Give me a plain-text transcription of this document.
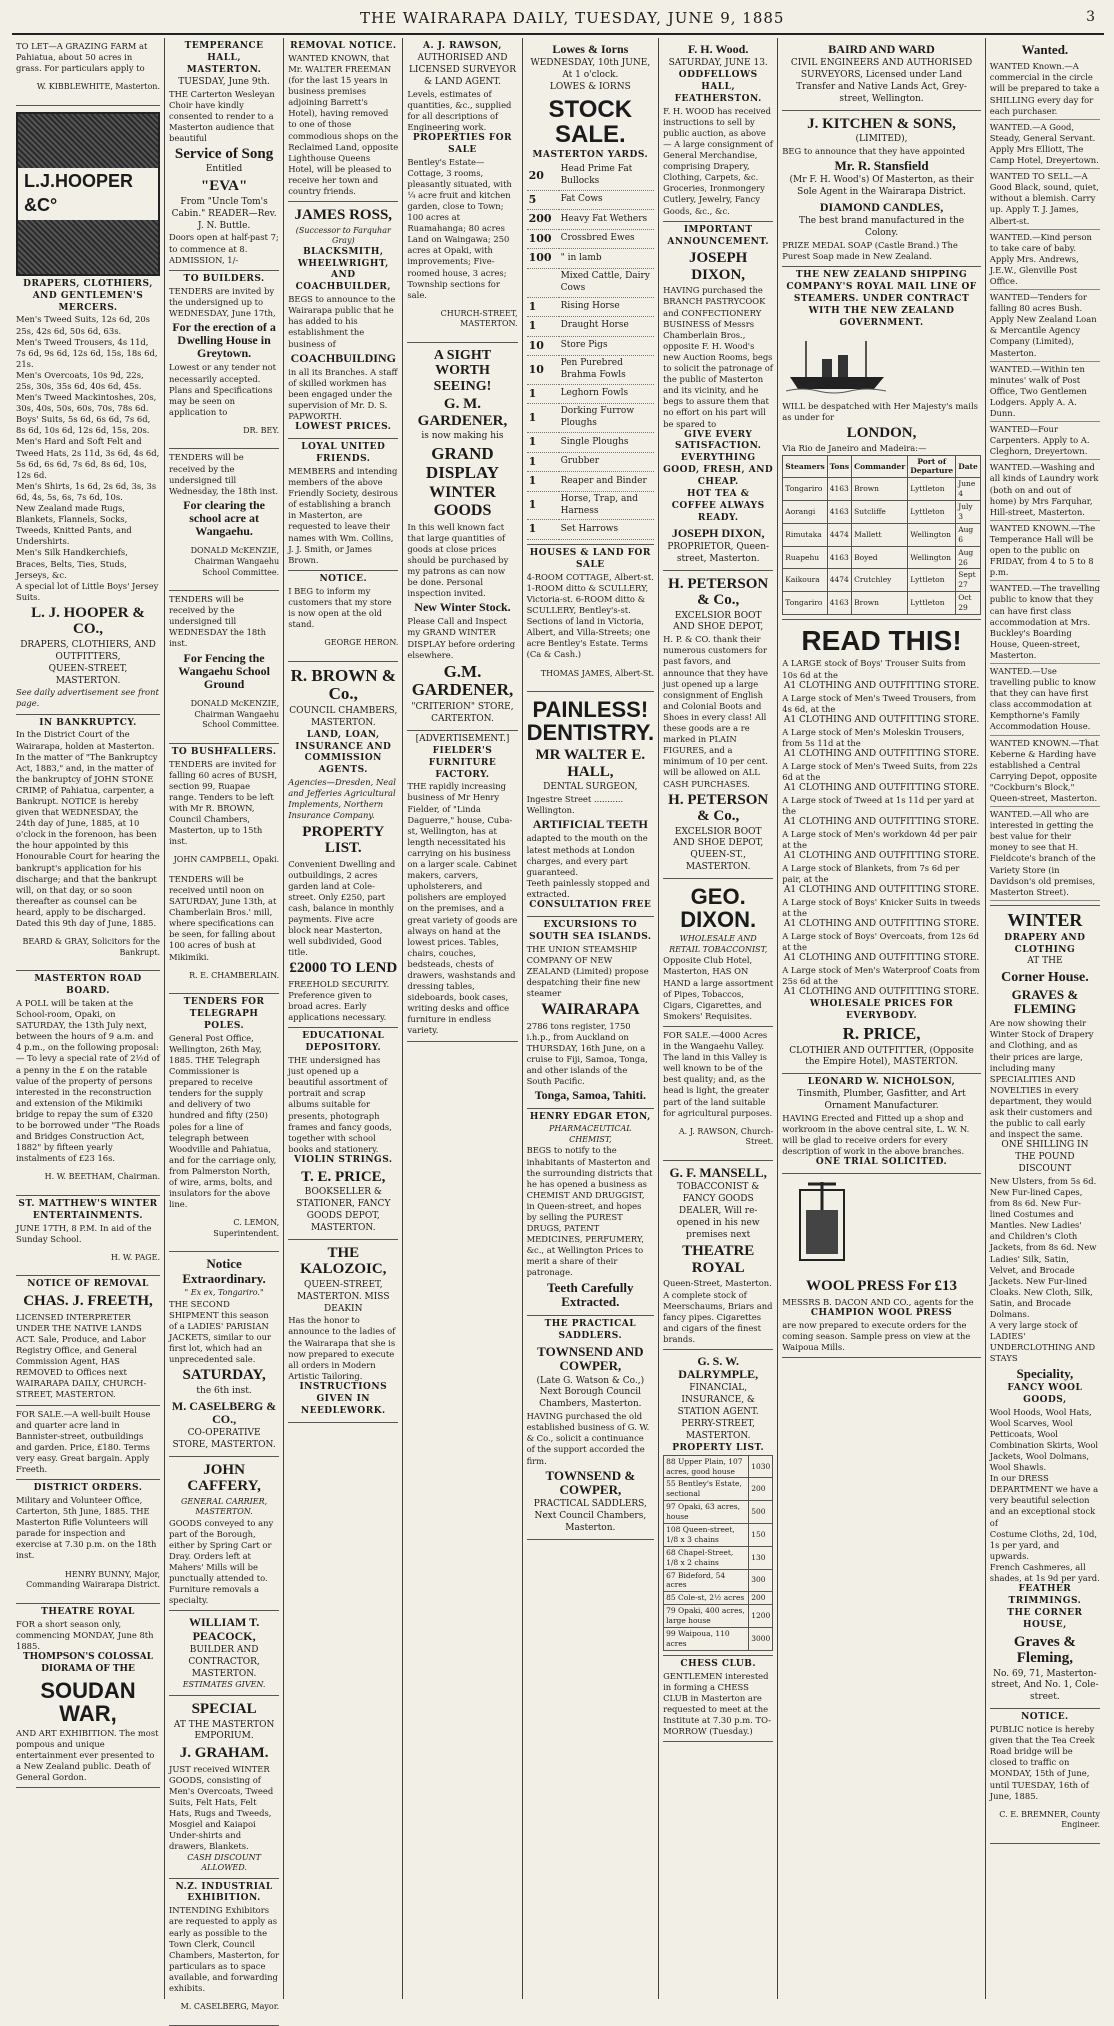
THE WAIRARAPA DAILY, TUESDAY, JUNE 9, 1885	3

TO LET—A GRAZING FARM at Pahiatua, about 50 acres in grass. For particulars apply to

W. KIBBLEWHITE, Masterton.

L.J.HOOPER &C°
DRAPERS, CLOTHIERS, AND GENTLEMEN'S MERCERS.

Men's Tweed Suits, 12s 6d, 20s 25s, 42s 6d, 50s 6d, 63s.

Men's Tweed Trousers, 4s 11d, 7s 6d, 9s 6d, 12s 6d, 15s, 18s 6d, 21s.

Men's Overcoats, 10s 9d, 22s, 25s, 30s, 35s 6d, 40s 6d, 45s.

Men's Tweed Mackintoshes, 20s, 30s, 40s, 50s, 60s, 70s, 78s 6d.

Boys' Suits, 5s 6d, 6s 6d, 7s 6d, 8s 6d, 10s 6d, 12s 6d, 15s, 20s.

Men's Hard and Soft Felt and Tweed Hats, 2s 11d, 3s 6d, 4s 6d, 5s 6d, 6s 6d, 7s 6d, 8s 6d, 10s, 12s 6d.

Men's Shirts, 1s 6d, 2s 6d, 3s, 3s 6d, 4s, 5s, 6s, 7s 6d, 10s.

New Zealand made Rugs, Blankets, Flannels, Socks, Tweeds, Knitted Pants, and Undershirts.

Men's Silk Handkerchiefs, Braces, Belts, Ties, Studs, Jerseys, &c.

A special lot of Little Boys' Jersey Suits.

L. J. HOOPER & CO.,
DRAPERS, CLOTHIERS, AND OUTFITTERS,
QUEEN-STREET, MASTERTON.

See daily advertisement see front page.

IN BANKRUPTCY.

In the District Court of the Wairarapa, holden at Masterton. In the matter of "The Bankruptcy Act, 1883," and, in the matter of the bankruptcy of JOHN STONE CRIMP, of Pahiatua, carpenter, a Bankrupt. NOTICE is hereby given that WEDNESDAY, the 24th day of June, 1885, at 10 o'clock in the forenoon, has been the hour appointed by this Honourable Court for hearing the bankrupt's application for his discharge; and that the bankrupt will, on that day, or so soon thereafter as counsel can be heard, apply to be discharged. Dated this 9th day of June, 1885.

BEARD & GRAY, Solicitors for the Bankrupt.

MASTERTON ROAD BOARD.

A POLL will be taken at the School-room, Opaki, on SATURDAY, the 13th July next, between the hours of 9 a.m. and 4 p.m., on the following proposal:— To levy a special rate of 2½d of a penny in the £ on the ratable value of the property of persons interested in the reconstruction and extension of the Mikimiki bridge to repay the sum of £320 to be borrowed under "The Roads and Bridges Construction Act, 1882" by fifteen yearly instalments of £23 16s.

H. W. BEETHAM, Chairman.

ST. MATTHEW'S WINTER ENTERTAINMENTS.

JUNE 17TH, 8 P.M. In aid of the Sunday School.

H. W. PAGE.

NOTICE OF REMOVAL
CHAS. J. FREETH,

LICENSED INTERPRETER UNDER THE NATIVE LANDS ACT. Sale, Produce, and Labor Registry Office, and General Commission Agent, HAS REMOVED to Offices next WAIRARAPA DAILY, CHURCH-STREET, MASTERTON.

FOR SALE.—A well-built House and quarter acre land in Bannister-street, outbuildings and garden. Price, £180. Terms very easy. Great bargain. Apply Freeth.

DISTRICT ORDERS.

Military and Volunteer Office, Carterton, 5th June, 1885. THE Masterton Rifle Volunteers will parade for inspection and exercise at 7.30 p.m. on the 18th inst.

HENRY BUNNY, Major, Commanding Wairarapa District.

THEATRE ROYAL

FOR a short season only, commencing MONDAY, June 8th 1885.

THOMPSON'S COLOSSAL DIORAMA OF THE
SOUDAN WAR,

AND ART EXHIBITION. The most pompous and unique entertainment ever presented to a New Zealand public. Death of General Gordon.

TEMPERANCE HALL, MASTERTON.
TUESDAY, June 9th.

THE Carterton Wesleyan Choir have kindly consented to render to a Masterton audience that beautiful

Service of Song
Entitled
"EVA"
From "Uncle Tom's Cabin." READER—Rev. J. N. Buttle.

Doors open at half-past 7; to commence at 8. ADMISSION, 1/-

TO BUILDERS.

TENDERS are invited by the undersigned up to WEDNESDAY, June 17th,

For the erection of a Dwelling House in Greytown.

Lowest or any tender not necessarily accepted. Plans and Specifications may be seen on application to

DR. BEY.

TENDERS will be received by the undersigned till Wednesday, the 18th inst.

For clearing the school acre at Wangaehu.

DONALD McKENZIE, Chairman Wangaehu School Committee.

TENDERS will be received by the undersigned till WEDNESDAY the 18th inst.

For Fencing the Wangaehu School Ground

DONALD McKENZIE, Chairman Wangaehu School Committee.

TO BUSHFALLERS.

TENDERS are invited for falling 60 acres of BUSH, section 99, Ruapae range. Tenders to be left with Mr R. BROWN, Council Chambers, Masterton, up to 15th inst.

JOHN CAMPBELL, Opaki.

TENDERS will be received until noon on SATURDAY, June 13th, at Chamberlain Bros.' mill, where specifications can be seen, for falling about 100 acres of bush at Mikimiki.

R. E. CHAMBERLAIN.

TENDERS FOR TELEGRAPH POLES.

General Post Office, Wellington, 26th May, 1885. THE Telegraph Commissioner is prepared to receive tenders for the supply and delivery of two hundred and fifty (250) poles for a line of telegraph between Woodville and Pahiatua, and for the carriage only, from Palmerston North, of wire, arms, bolts, and insulators for the above line.

C. LEMON, Superintendent.

Notice Extraordinary.
" Ex ex, Tongariro."

THE SECOND SHIPMENT this season of a LADIES' PARISIAN JACKETS, similar to our first lot, which had an unprecedented sale.

SATURDAY,
the 6th inst.
M. CASELBERG & CO.,
CO-OPERATIVE STORE, MASTERTON.
JOHN CAFFERY,
GENERAL CARRIER, MASTERTON.

GOODS conveyed to any part of the Borough, either by Spring Cart or Dray. Orders left at Mahers' Mills will be punctually attended to. Furniture removals a specialty.

WILLIAM T. PEACOCK,
BUILDER AND CONTRACTOR, MASTERTON.
ESTIMATES GIVEN.
SPECIAL
AT THE MASTERTON EMPORIUM.
J. GRAHAM.

JUST received WINTER GOODS, consisting of Men's Overcoats, Tweed Suits, Felt Hats, Felt Hats, Rugs and Tweeds, Mosgiel and Kaiapoi Under-shirts and drawers, Blankets.

CASH DISCOUNT ALLOWED.
N.Z. INDUSTRIAL EXHIBITION.

INTENDING Exhibitors are requested to apply as early as possible to the Town Clerk, Council Chambers, Masterton, for particulars as to space available, and forwarding exhibits.

M. CASELBERG, Mayor.

REMOVAL NOTICE.

WANTED KNOWN, that Mr. WALTER FREEMAN (for the last 15 years in business premises adjoining Barrett's Hotel), having removed to one of those commodious shops on the Reclaimed Land, opposite Lighthouse Queens Hotel, will be pleased to receive her town and country friends.

JAMES ROSS,
(Successor to Farquhar Gray)
BLACKSMITH, WHEELWRIGHT, AND COACHBUILDER,

BEGS to announce to the Wairarapa public that he has added to his establishment the business of

COACHBUILDING

in all its Branches. A staff of skilled workmen has been engaged under the supervision of Mr. D. S. PAPWORTH.

LOWEST PRICES.
LOYAL UNITED FRIENDS.

MEMBERS and intending members of the above Friendly Society, desirous of establishing a branch in Masterton, are requested to leave their names with Wm. Collins, J. J. Smith, or James Brown.

NOTICE.

I BEG to inform my customers that my store is now open at the old stand.

GEORGE HERON.

R. BROWN & Co.,
COUNCIL CHAMBERS, MASTERTON.
LAND, LOAN, INSURANCE AND COMMISSION AGENTS.

Agencies—Dresden, Neal and Jefferies Agricultural Implements, Northern Insurance Company.

PROPERTY LIST.

Convenient Dwelling and outbuildings, 2 acres garden land at Cole-street. Only £250, part cash, balance in monthly payments. Five acre block near Masterton, well subdivided, Good title.

£2000 TO LEND

FREEHOLD SECURITY. Preference given to broad acres. Early applications necessary.

EDUCATIONAL DEPOSITORY.

THE undersigned has just opened up a beautiful assortment of portrait and scrap albums suitable for presents, photograph frames and fancy goods, together with school books and stationery.

VIOLIN STRINGS.
T. E. PRICE,
BOOKSELLER & STATIONER, FANCY GOODS DEPOT, MASTERTON.
THE KALOZOIC,
QUEEN-STREET, MASTERTON. MISS DEAKIN

Has the honor to announce to the ladies of the Wairarapa that she is now prepared to execute all orders in Modern Artistic Tailoring.

INSTRUCTIONS GIVEN IN NEEDLEWORK.
A. J. RAWSON,
AUTHORISED AND LICENSED SURVEYOR & LAND AGENT.

Levels, estimates of quantities, &c., supplied for all descriptions of Engineering work.

PROPERTIES FOR SALE

Bentley's Estate—Cottage, 3 rooms, pleasantly situated, with ¼ acre fruit and kitchen garden, close to Town; 100 acres at Ruamahanga; 80 acres Land on Waingawa; 250 acres at Opaki, with improvements; Five-roomed house, 3 acres; Township sections for sale.

CHURCH-STREET, MASTERTON.

A SIGHT WORTH SEEING!
G. M. GARDENER,
is now making his
GRAND DISPLAY
WINTER GOODS

In this well known fact that large quantities of goods at close prices should be purchased by my patrons as can now be done. Personal inspection invited.

New Winter Stock.

Please Call and Inspect my GRAND WINTER DISPLAY before ordering elsewhere.

G.M. GARDENER,
"CRITERION" STORE, CARTERTON.
[ADVERTISEMENT.]
FIELDER'S FURNITURE FACTORY.

THE rapidly increasing business of Mr Henry Fielder, of "Linda Daguerre," house, Cuba-st, Wellington, has at length necessitated his carrying on his business on a larger scale. Cabinet makers, carvers, upholsterers, and polishers are employed on the premises, and a great variety of goods are always on hand at the lowest prices. Tables, chairs, couches, bedsteads, chests of drawers, washstands and dressing tables, sideboards, book cases, writing desks and office furniture in endless variety.

Lowes & Iorns
WEDNESDAY, 10th JUNE, At 1 o'clock.
LOWES & IORNS
STOCK SALE.
MASTERTON YARDS.
20	Head Prime Fat Bullocks
5	Fat Cows
200	Heavy Fat Wethers
100	Crossbred Ewes
100	" in lamb
	Mixed Cattle, Dairy Cows
1	Rising Horse
1	Draught Horse
10	Store Pigs
10	Pen Purebred Brahma Fowls
1	Leghorn Fowls
1	Dorking Furrow Ploughs
1	Single Ploughs
1	Grubber
1	Reaper and Binder
1	Horse, Trap, and Harness
1	Set Harrows
HOUSES & LAND FOR SALE

4-ROOM COTTAGE, Albert-st. 1-ROOM ditto & SCULLERY, Victoria-st. 6-ROOM ditto & SCULLERY, Bentley's-st. Sections of land in Victoria, Albert, and Villa-Streets; one acre Bentley's Estate. Terms (Ca & Cash.)

THOMAS JAMES, Albert-St.

PAINLESS! DENTISTRY.
MR WALTER E. HALL,
DENTAL SURGEON,

Ingestre Street ........... Wellington.

ARTIFICIAL TEETH

adapted to the mouth on the latest methods at London charges, and every part guaranteed.

Teeth painlessly stopped and extracted.

CONSULTATION FREE
EXCURSIONS TO SOUTH SEA ISLANDS.

THE UNION STEAMSHIP COMPANY OF NEW ZEALAND (Limited) propose despatching their fine new steamer

WAIRARAPA

2786 tons register, 1750 i.h.p., from Auckland on THURSDAY, 16th June, on a cruise to Fiji, Samoa, Tonga, and other islands of the South Pacific.

Tonga, Samoa, Tahiti.
HENRY EDGAR ETON,
PHARMACEUTICAL CHEMIST,

BEGS to notify to the inhabitants of Masterton and the surrounding districts that he has opened a business as CHEMIST AND DRUGGIST, in Queen-street, and hopes by selling the PUREST DRUGS, PATENT MEDICINES, PERFUMERY, &c., at Wellington Prices to merit a share of their patronage.

Teeth Carefully Extracted.
THE PRACTICAL SADDLERS.
TOWNSEND AND COWPER,
(Late G. Watson & Co.,) Next Borough Council Chambers, Masterton.

HAVING purchased the old established business of G. W. & Co., solicit a continuance of the support accorded the firm.

TOWNSEND & COWPER,
PRACTICAL SADDLERS, Next Council Chambers, Masterton.
F. H. Wood.
SATURDAY, JUNE 13.
ODDFELLOWS HALL, FEATHERSTON.

F. H. WOOD has received instructions to sell by public auction, as above— A large consignment of General Merchandise, comprising Drapery, Clothing, Carpets, &c. Groceries, Ironmongery Cutlery, Jewelry, Fancy Goods, &c., &c.

IMPORTANT ANNOUNCEMENT.
JOSEPH DIXON,

HAVING purchased the BRANCH PASTRYCOOK and CONFECTIONERY BUSINESS of Messrs Chamberlain Bros., opposite F. H. Wood's new Auction Rooms, begs to solicit the patronage of the public of Masterton and its vicinity, and he begs to assure them that no effort on his part will be spared to

GIVE EVERY SATISFACTION.
EVERYTHING GOOD, FRESH, AND CHEAP.
HOT TEA & COFFEE ALWAYS READY.
JOSEPH DIXON,
PROPRIETOR, Queen-street, Masterton.
H. PETERSON & Co.,
EXCELSIOR BOOT AND SHOE DEPOT,

H. P. & CO. thank their numerous customers for past favors, and announce that they have just opened up a large consignment of English and Colonial Boots and Shoes in every class! All these goods are a re marked in PLAIN FIGURES, and a minimum of 10 per cent. will be allowed on ALL CASH PURCHASES.

H. PETERSON & Co.,
EXCELSIOR BOOT AND SHOE DEPOT, QUEEN-ST., MASTERTON.
GEO. DIXON.
WHOLESALE AND RETAIL TOBACCONIST,

Opposite Club Hotel, Masterton, HAS ON HAND a large assortment of Pipes, Tobaccos, Cigars, Cigarettes, and Smokers' Requisites.

FOR SALE.—4000 Acres in the Wangaehu Valley. The land in this Valley is well known to be of the best quality; and, as the head is light, the greater part of the land suitable for agricultural purposes.

A. J. RAWSON, Church-Street.

G. F. MANSELL,
TOBACCONIST & FANCY GOODS DEALER, Will re-opened in his new premises next
THEATRE ROYAL

Queen-Street, Masterton. A complete stock of Meerschaums, Briars and fancy pipes. Cigarettes and cigars of the finest brands.

G. S. W. DALRYMPLE,
FINANCIAL, INSURANCE, & STATION AGENT. PERRY-STREET, MASTERTON.
PROPERTY LIST.
88 Upper Plain, 107 acres, good house	1030
55 Bentley's Estate, sectional	200
97 Opaki, 63 acres, house	500
108 Queen-street, 1/8 x 3 chains	150
68 Chapel-Street, 1/8 x 2 chains	130
67 Bideford, 54 acres	300
85 Cole-st, 2½ acres	200
79 Opaki, 400 acres, large house	1200
99 Waipoua, 110 acres	3000
CHESS CLUB.

GENTLEMEN interested in forming a CHESS CLUB in Masterton are requested to meet at the Institute at 7.30 p.m. TO-MORROW (Tuesday.)

BAIRD AND WARD
CIVIL ENGINEERS AND AUTHORISED SURVEYORS, Licensed under Land Transfer and Native Lands Act, Grey-street, Wellington.
J. KITCHEN & SONS,
(LIMITED),

BEG to announce that they have appointed

Mr. R. Stansfield
(Mr F. H. Wood's) Of Masterton, as their Sole Agent in the Wairarapa District.
DIAMOND CANDLES,
The best brand manufactured in the Colony.

PRIZE MEDAL SOAP (Castle Brand.) The Purest Soap made in New Zealand.

THE NEW ZEALAND SHIPPING COMPANY'S ROYAL MAIL LINE OF STEAMERS. UNDER CONTRACT WITH THE NEW ZEALAND GOVERNMENT.

WILL be despatched with Her Majesty's mails as under for

LONDON,

Via Rio de Janeiro and Madeira:—

Steamers	Tons	Commander	Port of Departure	Date
Tongariro	4163	Brown	Lyttleton	June 4
Aorangi	4163	Sutcliffe	Lyttleton	July 3
Rimutaka	4474	Mallett	Wellington	Aug 6
Ruapehu	4163	Boyed	Wellington	Aug 26
Kaikoura	4474	Crutchley	Lyttleton	Sept 27
Tongariro	4163	Brown	Lyttleton	Oct 29
READ THIS!

A LARGE stock of Boys' Trouser Suits from 10s 6d at the

A1 CLOTHING AND OUTFITTING STORE.

A Large stock of Men's Tweed Trousers, from 4s 6d, at the

A1 CLOTHING AND OUTFITTING STORE.

A Large stock of Men's Moleskin Trousers, from 5s 11d at the

A1 CLOTHING AND OUTFITTING STORE.

A Large stock of Men's Tweed Suits, from 22s 6d at the

A1 CLOTHING AND OUTFITTING STORE.

A Large stock of Tweed at 1s 11d per yard at the

A1 CLOTHING AND OUTFITTING STORE.

A Large stock of Men's workdown 4d per pair at the

A1 CLOTHING AND OUTFITTING STORE.

A Large stock of Blankets, from 7s 6d per pair, at the

A1 CLOTHING AND OUTFITTING STORE.

A Large stock of Boys' Knicker Suits in tweeds at the

A1 CLOTHING AND OUTFITTING STORE.

A Large stock of Boys' Overcoats, from 12s 6d at the

A1 CLOTHING AND OUTFITTING STORE.

A Large stock of Men's Waterproof Coats from 25s 6d at the

A1 CLOTHING AND OUTFITTING STORE.
WHOLESALE PRICES FOR EVERYBODY.
R. PRICE,
CLOTHIER AND OUTFITTER, (Opposite the Empire Hotel), MASTERTON.
LEONARD W. NICHOLSON,
Tinsmith, Plumber, Gasfitter, and Art Ornament Manufacturer.

HAVING Erected and Fitted up a shop and workroom in the above central site, L. W. N. will be glad to receive orders for every description of work in the above branches.

ONE TRIAL SOLICITED.
WOOL PRESS For £13

MESSRS B. DACON AND CO., agents for the

CHAMPION WOOL PRESS

are now prepared to execute orders for the coming season. Sample press on view at the Waipoua Mills.

Wanted.

WANTED Known.—A commercial in the circle will be prepared to take a SHILLING every day for each purchaser.

WANTED.—A Good, Steady, General Servant. Apply Mrs Elliott, The Camp Hotel, Dreyertown.

WANTED TO SELL.—A Good Black, sound, quiet, without a blemish. Carry up. Apply T. J. James, Albert-st.

WANTED.—Kind person to take care of baby. Apply Mrs. Andrews, J.E.W., Glenville Post Office.

WANTED—Tenders for falling 80 acres Bush. Apply New Zealand Loan & Mercantile Agency Company (Limited), Masterton.

WANTED.—Within ten minutes' walk of Post Office, Two Gentlemen Lodgers. Apply A. A. Dunn.

WANTED—Four Carpenters. Apply to A. Cleghorn, Dreyertown.

WANTED.—Washing and all kinds of Laundry work (both on and out of home) by Mrs Farquhar, Hill-street, Masterton.

WANTED KNOWN.—The Temperance Hall will be open to the public on FRIDAY, from 4 to 5 to 8 p.m.

WANTED.—The travelling public to know that they can have first class accommodation at Mrs. Buckley's Boarding House, Queen-street, Masterton.

WANTED.—Use travelling public to know that they can have first class accommodation at Kempthorne's Family Accommodation House.

WANTED KNOWN.—That Keberne & Harding have established a Central Carrying Depot, opposite "Cockburn's Block," Queen-street, Masterton.

WANTED.—All who are interested in getting the best value for their money to see that H. Fieldcote's branch of the Variety Store (in Davidson's old premises, Masterton Street).

WINTER
DRAPERY AND CLOTHING
AT THE
Corner House.
GRAVES & FLEMING

Are now showing their Winter Stock of Drapery and Clothing, and as their prices are large, including many SPECIALITIES AND NOVELTIES in every department, they would ask their customers and the public to call early and inspect the same.

ONE SHILLING IN THE POUND DISCOUNT

New Ulsters, from 5s 6d. New Fur-lined Capes, from 8s 6d. New Fur-lined Costumes and Mantles. New Ladies' and Children's Cloth Jackets, from 8s 6d. New Ladies' Silk, Satin, Velvet, and Brocade Jackets. New Fur-lined Cloaks. New Cloth, Silk, Satin, and Brocade Dolmans.

A very large stock of LADIES' UNDERCLOTHING AND STAYS

Speciality,
FANCY WOOL GOODS,

Wool Hoods, Wool Hats, Wool Scarves, Wool Petticoats, Wool Combination Skirts, Wool Jackets, Wool Dolmans, Wool Shawls.

In our DRESS DEPARTMENT we have a very beautiful selection and an exceptional stock of

Costume Cloths, 2d, 10d, 1s per yard, and upwards.

French Cashmeres, all shades, at 1s 9d per yard.

FEATHER TRIMMINGS.
THE CORNER HOUSE,
Graves & Fleming,
No. 69, 71, Masterton-street, And No. 1, Cole-street.
NOTICE.

PUBLIC notice is hereby given that the Tea Creek Road bridge will be closed to traffic on MONDAY, 15th of June, until TUESDAY, 16th of June, 1885.

C. E. BREMNER, County Engineer.
